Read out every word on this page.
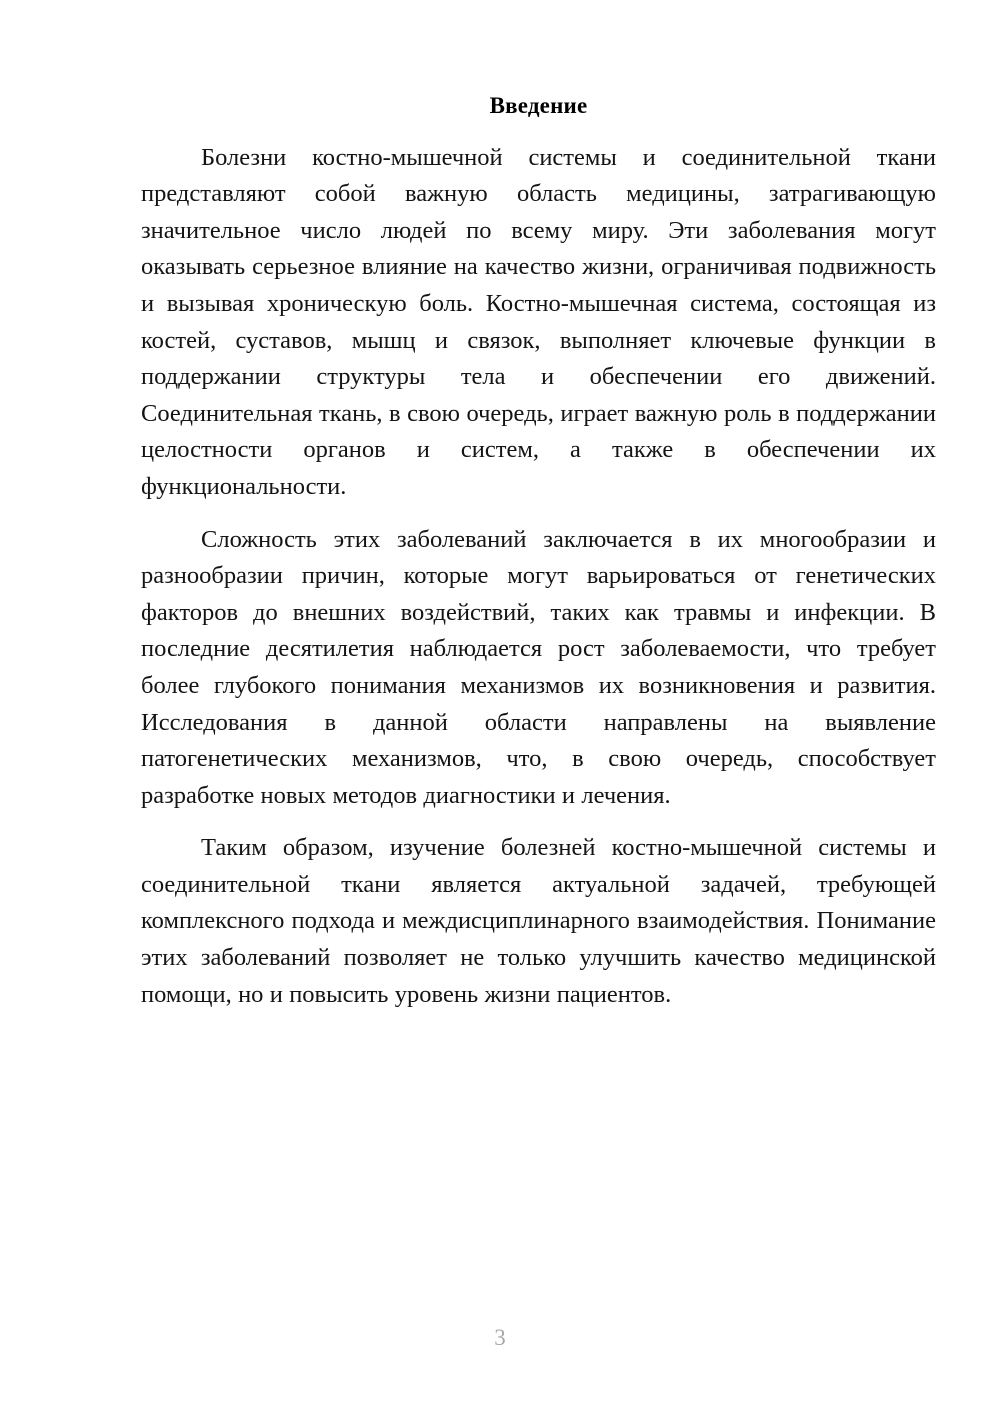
Введение

Болезни костно-мышечной системы и соединительной ткани представляют собой важную область медицины, затрагивающую значительное число людей по всему миру. Эти заболевания могут оказывать серьезное влияние на качество жизни, ограничивая подвижность и вызывая хроническую боль. Костно-мышечная система, состоящая из костей, суставов, мышц и связок, выполняет ключевые функции в поддержании структуры тела и обеспечении его движений. Соединительная ткань, в свою очередь, играет важную роль в поддержании целостности органов и систем, а также в обеспечении их функциональности.

Сложность этих заболеваний заключается в их многообразии и разнообразии причин, которые могут варьироваться от генетических факторов до внешних воздействий, таких как травмы и инфекции. В последние десятилетия наблюдается рост заболеваемости, что требует более глубокого понимания механизмов их возникновения и развития. Исследования в данной области направлены на выявление патогенетических механизмов, что, в свою очередь, способствует разработке новых методов диагностики и лечения.

Таким образом, изучение болезней костно-мышечной системы и соединительной ткани является актуальной задачей, требующей комплексного подхода и междисциплинарного взаимодействия. Понимание этих заболеваний позволяет не только улучшить качество медицинской помощи, но и повысить уровень жизни пациентов.

3
